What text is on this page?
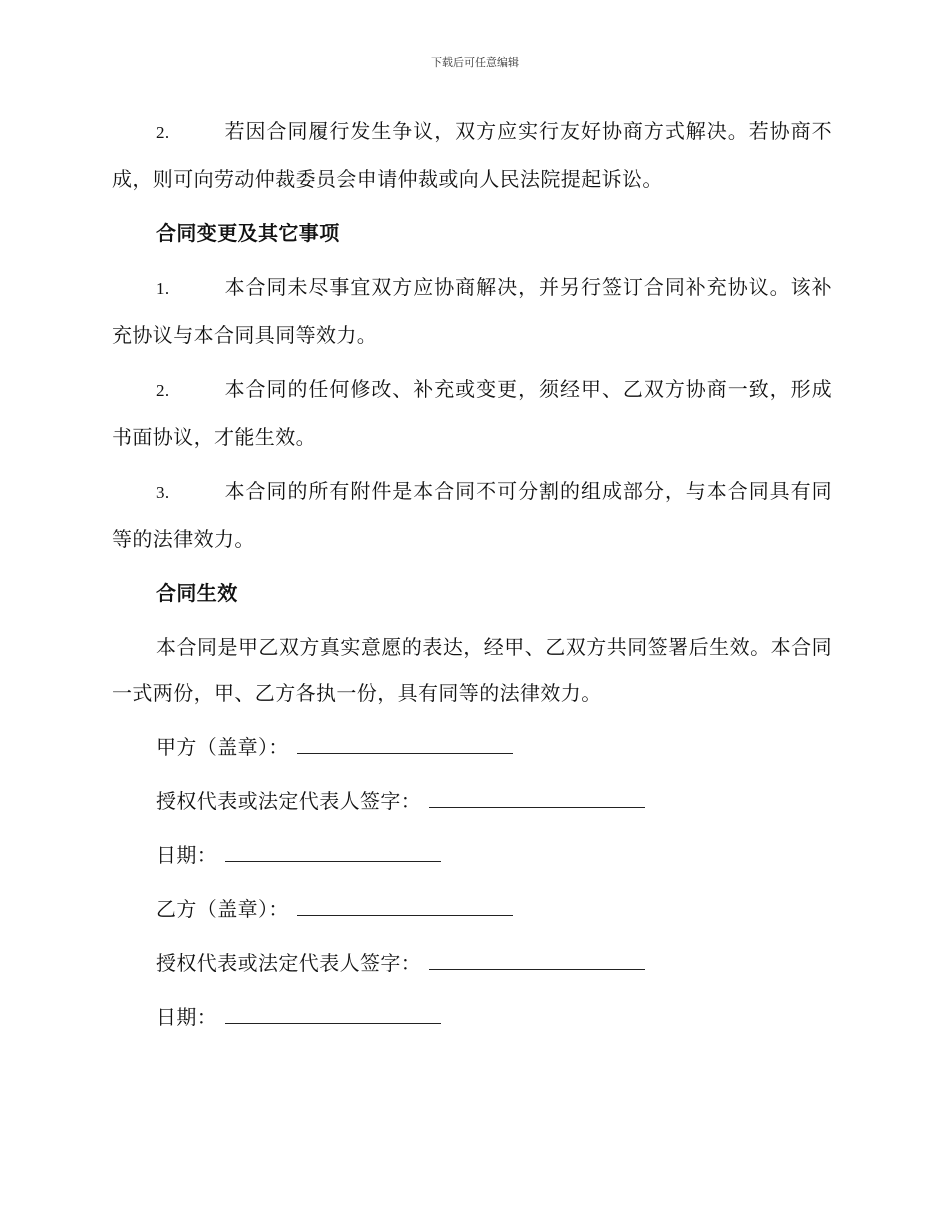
下载后可任意编辑

2.	若因合同履行发生争议，双方应实行友好协商方式解决。若协商不成，则可向劳动仲裁委员会申请仲裁或向人民法院提起诉讼。

合同变更及其它事项

1.	本合同未尽事宜双方应协商解决，并另行签订合同补充协议。该补充协议与本合同具同等效力。

2.	本合同的任何修改、补充或变更，须经甲、乙双方协商一致，形成书面协议，才能生效。

3.	本合同的所有附件是本合同不可分割的组成部分，与本合同具有同等的法律效力。

合同生效

本合同是甲乙双方真实意愿的表达，经甲、乙双方共同签署后生效。本合同一式两份，甲、乙方各执一份，具有同等的法律效力。

甲方（盖章）：
授权代表或法定代表人签字：
日期：
乙方（盖章）：
授权代表或法定代表人签字：
日期：
